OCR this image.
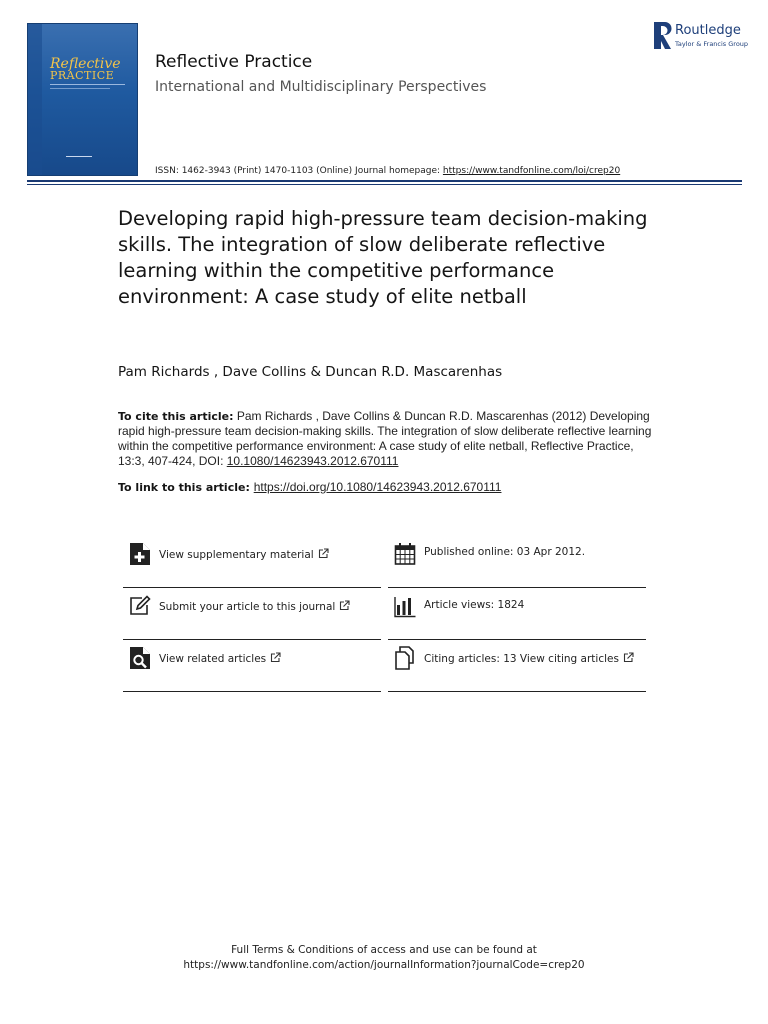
Reflective
PRACTICE
Reflective Practice
International and Multidisciplinary Perspectives
ISSN: 1462-3943 (Print) 1470-1103 (Online) Journal homepage: https://www.tandfonline.com/loi/crep20
Routledge
Taylor & Francis Group
Developing rapid high-pressure team decision-making skills. The integration of slow deliberate reflective learning within the competitive performance environment: A case study of elite netball
Pam Richards , Dave Collins & Duncan R.D. Mascarenhas
To cite this article: Pam Richards , Dave Collins & Duncan R.D. Mascarenhas (2012) Developing rapid high-pressure team decision-making skills. The integration of slow deliberate reflective learning within the competitive performance environment: A case study of elite netball, Reflective Practice, 13:3, 407-424, DOI: 10.1080/14623943.2012.670111
To link to this article: https://doi.org/10.1080/14623943.2012.670111
View supplementary material	Published online: 03 Apr 2012.
Submit your article to this journal	Article views: 1824
View related articles	Citing articles: 13 View citing articles
Full Terms & Conditions of access and use can be found at
https://www.tandfonline.com/action/journalInformation?journalCode=crep20
